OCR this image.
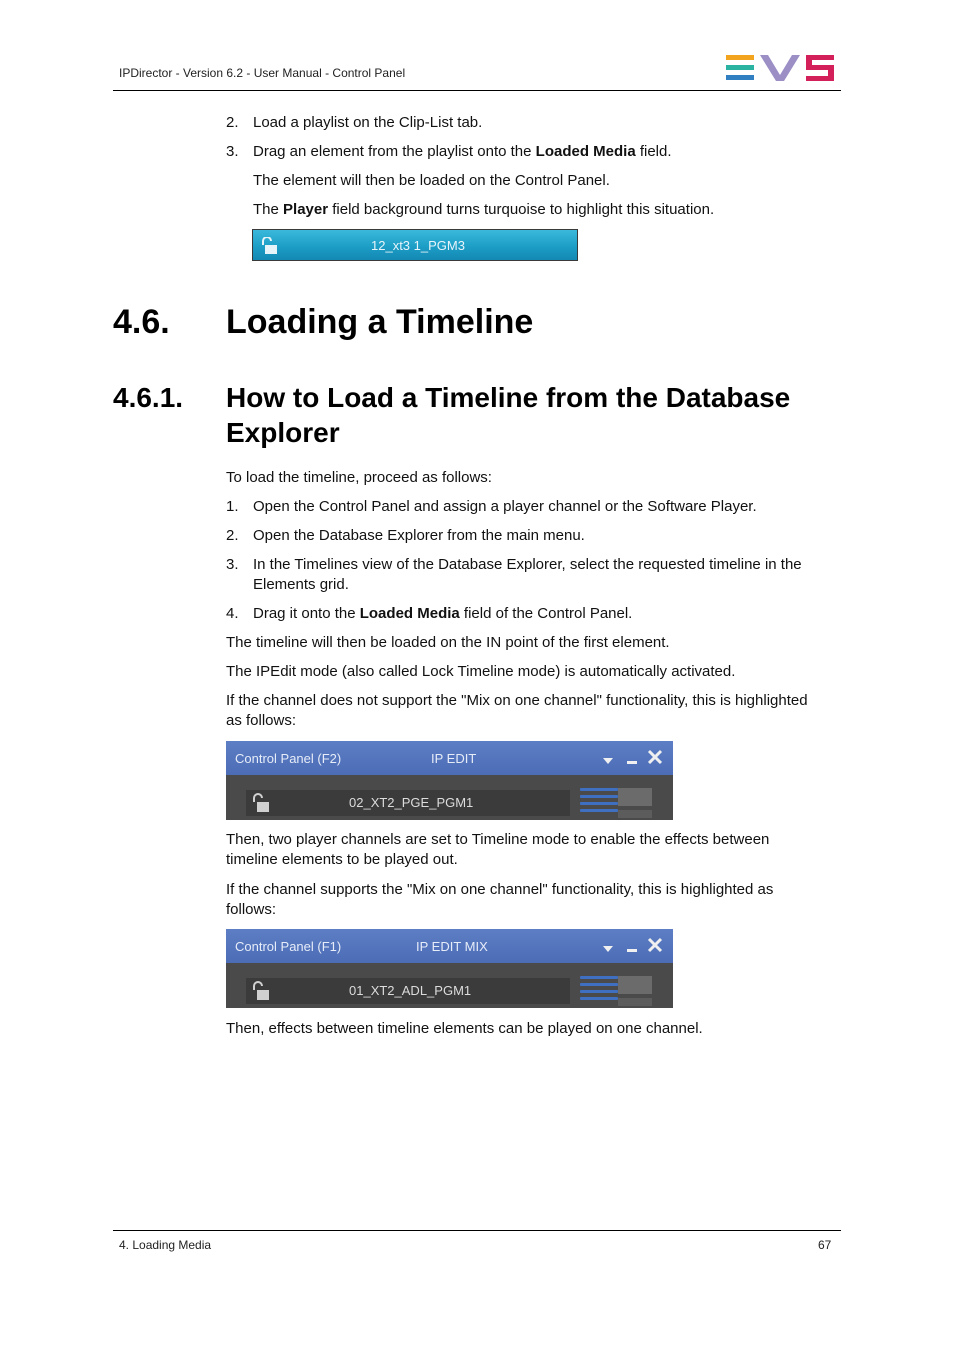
IPDirector - Version 6.2 - User Manual - Control Panel
2. Load a playlist on the Clip-List tab.
3. Drag an element from the playlist onto the Loaded Media field.
The element will then be loaded on the Control Panel.
The Player field background turns turquoise to highlight this situation.
12_xt3 1_PGM3
4.6. Loading a Timeline
4.6.1. How to Load a Timeline from the Database
Explorer
To load the timeline, proceed as follows:
1. Open the Control Panel and assign a player channel or the Software Player.
2. Open the Database Explorer from the main menu.
3. In the Timelines view of the Database Explorer, select the requested timeline in the
Elements grid.
4. Drag it onto the Loaded Media field of the Control Panel.
The timeline will then be loaded on the IN point of the first element.
The IPEdit mode (also called Lock Timeline mode) is automatically activated.
If the channel does not support the "Mix on one channel" functionality, this is highlighted
as follows:
Control Panel (F2)	IP EDIT
02_XT2_PGE_PGM1
Then, two player channels are set to Timeline mode to enable the effects between
timeline elements to be played out.
If the channel supports the "Mix on one channel" functionality, this is highlighted as
follows:
Control Panel (F1)	IP EDIT MIX
01_XT2_ADL_PGM1
Then, effects between timeline elements can be played on one channel.
4. Loading Media	67
